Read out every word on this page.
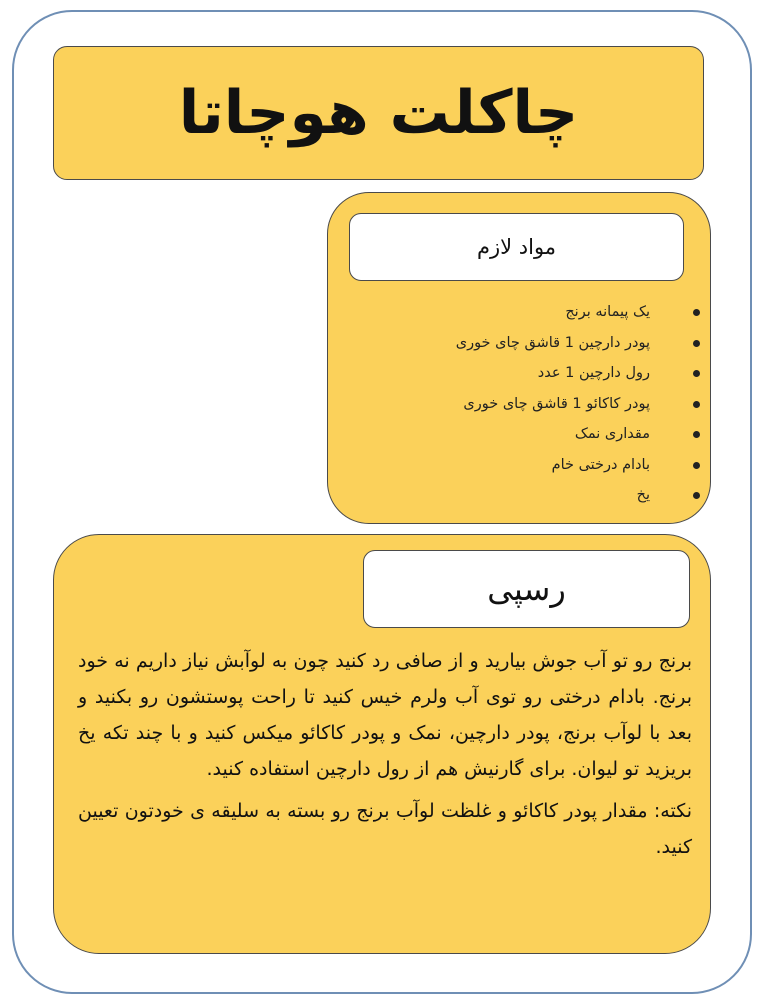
چاکلت هوچاتا
مواد لازم
یک پیمانه برنج
پودر دارچین 1 قاشق چای خوری
رول دارچین 1 عدد
پودر کاکائو 1 قاشق چای خوری
مقداری نمک
بادام درختی خام
یخ
رسپی

برنج رو تو آب جوش بیارید و از صافی رد کنید چون به لوآبش نیاز داریم نه خود برنج. بادام درختی رو توی آب ولرم خیس کنید تا راحت پوستشون رو بکنید و بعد با لوآب برنج، پودر دارچین، نمک و پودر کاکائو میکس کنید و با چند تکه یخ بریزید تو لیوان. برای گارنیش هم از رول دارچین استفاده کنید.

نکته: مقدار پودر کاکائو و غلظت لوآب برنج رو بسته به سلیقه ی خودتون تعیین کنید.
